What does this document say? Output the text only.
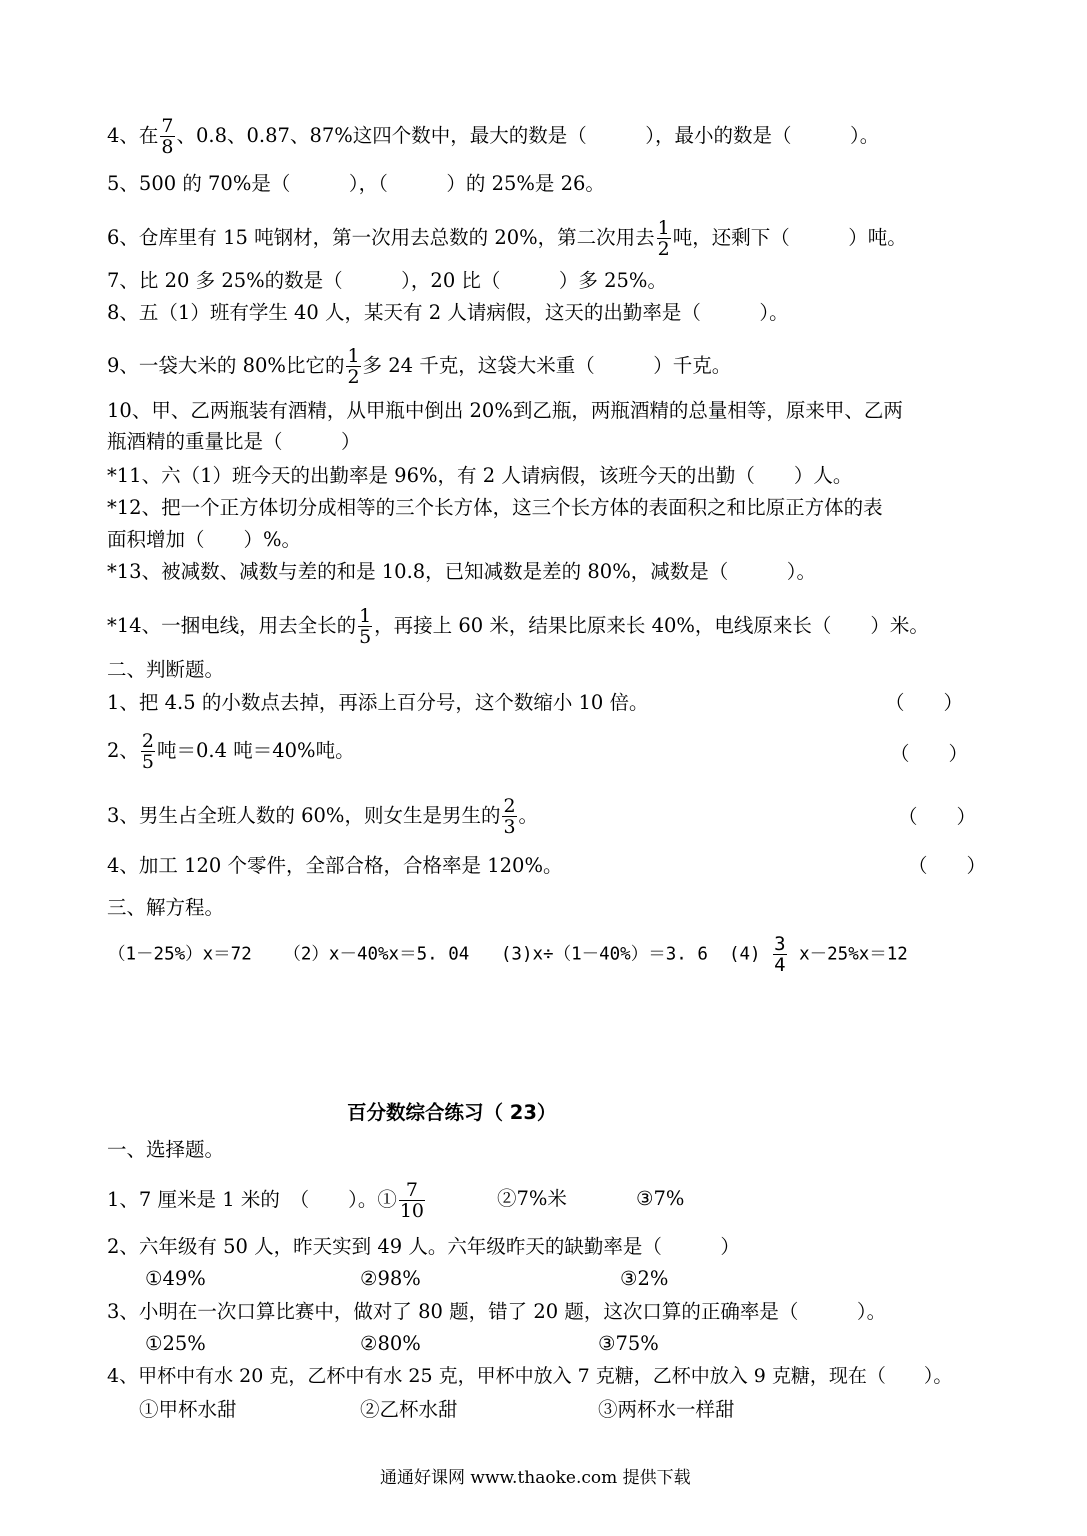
4、在 $\frac{7}{8}$ 、0.8、0.87、87%这四个数中，最大的数是（　　　），最小的数是（　　　）。
5、500 的 70%是（　　　），（　　　）的 25%是 26。
6、仓库里有 15 吨钢材，第一次用去总数的 20%，第二次用去 $\frac{1}{2}$ 吨，还剩下（　　　）吨。
7、比 20 多 25%的数是（　　　），20 比（　　　）多 25%。
8、五（1）班有学生 40 人，某天有 2 人请病假，这天的出勤率是（　　　）。
9、一袋大米的 80%比它的 $\frac{1}{2}$ 多 24 千克，这袋大米重（　　　）千克。
10、甲、乙两瓶装有酒精，从甲瓶中倒出 20%到乙瓶，两瓶酒精的总量相等，原来甲、乙两
瓶酒精的重量比是（　　　）
*11、六（1）班今天的出勤率是 96%，有 2 人请病假，该班今天的出勤（　　）人。
*12、把一个正方体切分成相等的三个长方体，这三个长方体的表面积之和比原正方体的表
面积增加（　　）%。
*13、被减数、减数与差的和是 10.8，已知减数是差的 80%，减数是（　　　）。
*14、一捆电线，用去全长的 $\frac{1}{5}$ ，再接上 60 米，结果比原来长 40%，电线原来长（　　）米。
二、判断题。
1、把 4.5 的小数点去掉，再添上百分号，这个数缩小 10 倍。	（　　）
2、 $\frac{2}{5}$ 吨＝0.4 吨＝40%吨。	（　　）
3、男生占全班人数的 60%，则女生是男生的 $\frac{2}{3}$ 。	（　　）
4、加工 120 个零件，全部合格，合格率是 120%。	（　　）
三、解方程。
（1－25%）x＝72 （2）x－40%x＝5. 04 (3)x÷（1－40%）＝3. 6 $(4) \frac{3}{4} x-25\%x=12$
百分数综合练习（ 23）
一、选择题。
1、7 厘米是 1 米的　（　　）。① $\frac{7}{10}$	②7%米	③7%
2、六年级有 50 人，昨天实到 49 人。六年级昨天的缺勤率是（　　　）
①49%	②98%	③2%
3、小明在一次口算比赛中，做对了 80 题，错了 20 题，这次口算的正确率是（　　　）。
①25%	②80%	③75%
4、甲杯中有水 20 克，乙杯中有水 25 克，甲杯中放入 7 克糖，乙杯中放入 9 克糖，现在（　　）。
①甲杯水甜	②乙杯水甜	③两杯水一样甜
通通好课网 www.thaoke.com 提供下载
